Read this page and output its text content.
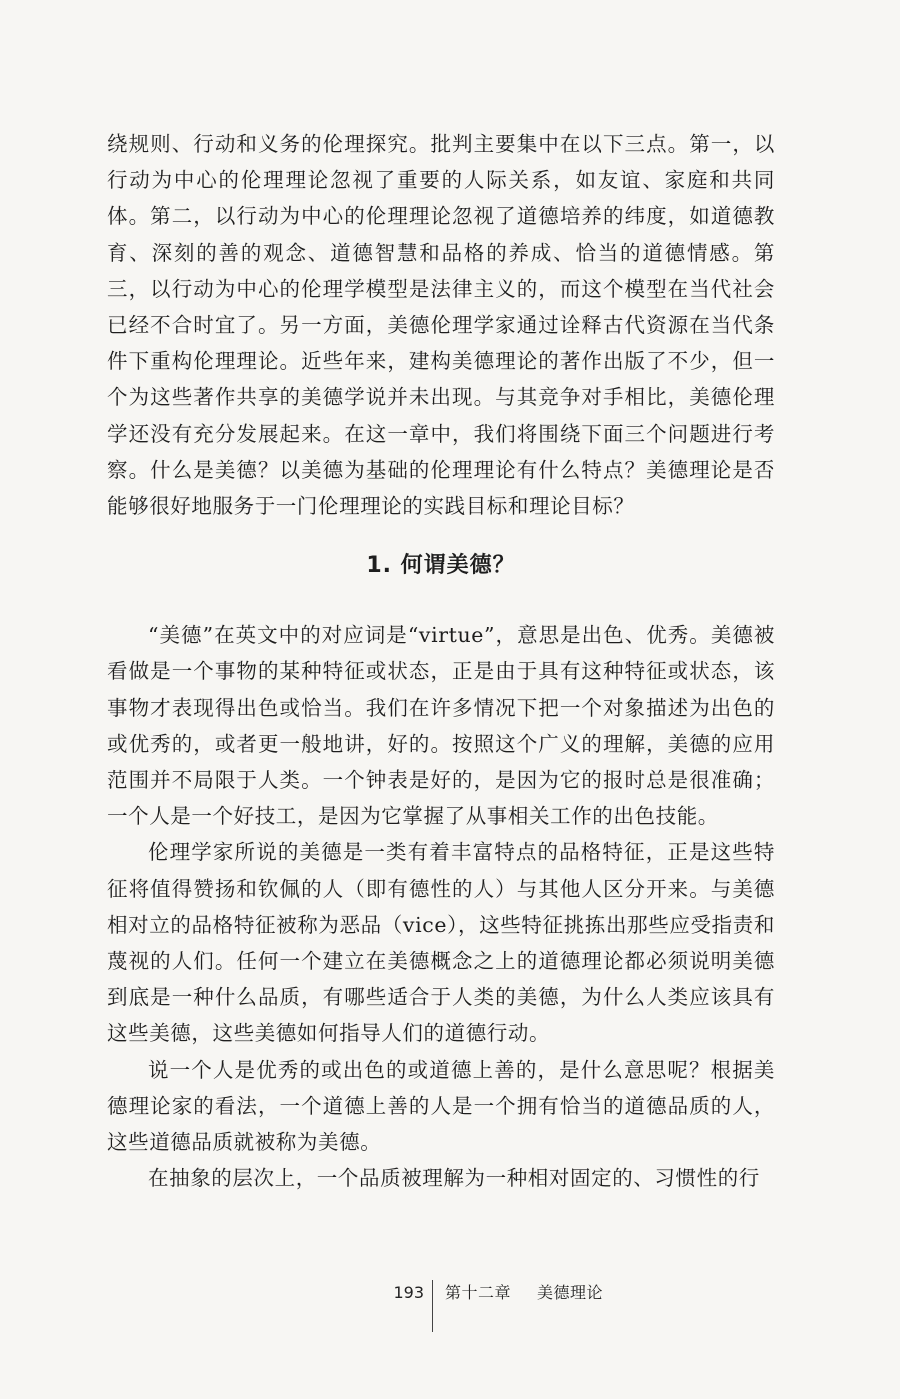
绕规则、行动和义务的伦理探究。批判主要集中在以下三点。第一，以行动为中心的伦理理论忽视了重要的人际关系，如友谊、家庭和共同体。第二，以行动为中心的伦理理论忽视了道德培养的纬度，如道德教育、深刻的善的观念、道德智慧和品格的养成、恰当的道德情感。第三，以行动为中心的伦理学模型是法律主义的，而这个模型在当代社会已经不合时宜了。另一方面，美德伦理学家通过诠释古代资源在当代条件下重构伦理理论。近些年来，建构美德理论的著作出版了不少，但一个为这些著作共享的美德学说并未出现。与其竞争对手相比，美德伦理学还没有充分发展起来。在这一章中，我们将围绕下面三个问题进行考察。什么是美德？以美德为基础的伦理理论有什么特点？美德理论是否能够很好地服务于一门伦理理论的实践目标和理论目标？

1. 何谓美德？

“美德”在英文中的对应词是“virtue”，意思是出色、优秀。美德被看做是一个事物的某种特征或状态，正是由于具有这种特征或状态，该事物才表现得出色或恰当。我们在许多情况下把一个对象描述为出色的或优秀的，或者更一般地讲，好的。按照这个广义的理解，美德的应用范围并不局限于人类。一个钟表是好的，是因为它的报时总是很准确；一个人是一个好技工，是因为它掌握了从事相关工作的出色技能。

伦理学家所说的美德是一类有着丰富特点的品格特征，正是这些特征将值得赞扬和钦佩的人（即有德性的人）与其他人区分开来。与美德相对立的品格特征被称为恶品（vice），这些特征挑拣出那些应受指责和蔑视的人们。任何一个建立在美德概念之上的道德理论都必须说明美德到底是一种什么品质，有哪些适合于人类的美德，为什么人类应该具有这些美德，这些美德如何指导人们的道德行动。

说一个人是优秀的或出色的或道德上善的，是什么意思呢？根据美德理论家的看法，一个道德上善的人是一个拥有恰当的道德品质的人，这些道德品质就被称为美德。

在抽象的层次上，一个品质被理解为一种相对固定的、习惯性的行

193 第十二章 美德理论
